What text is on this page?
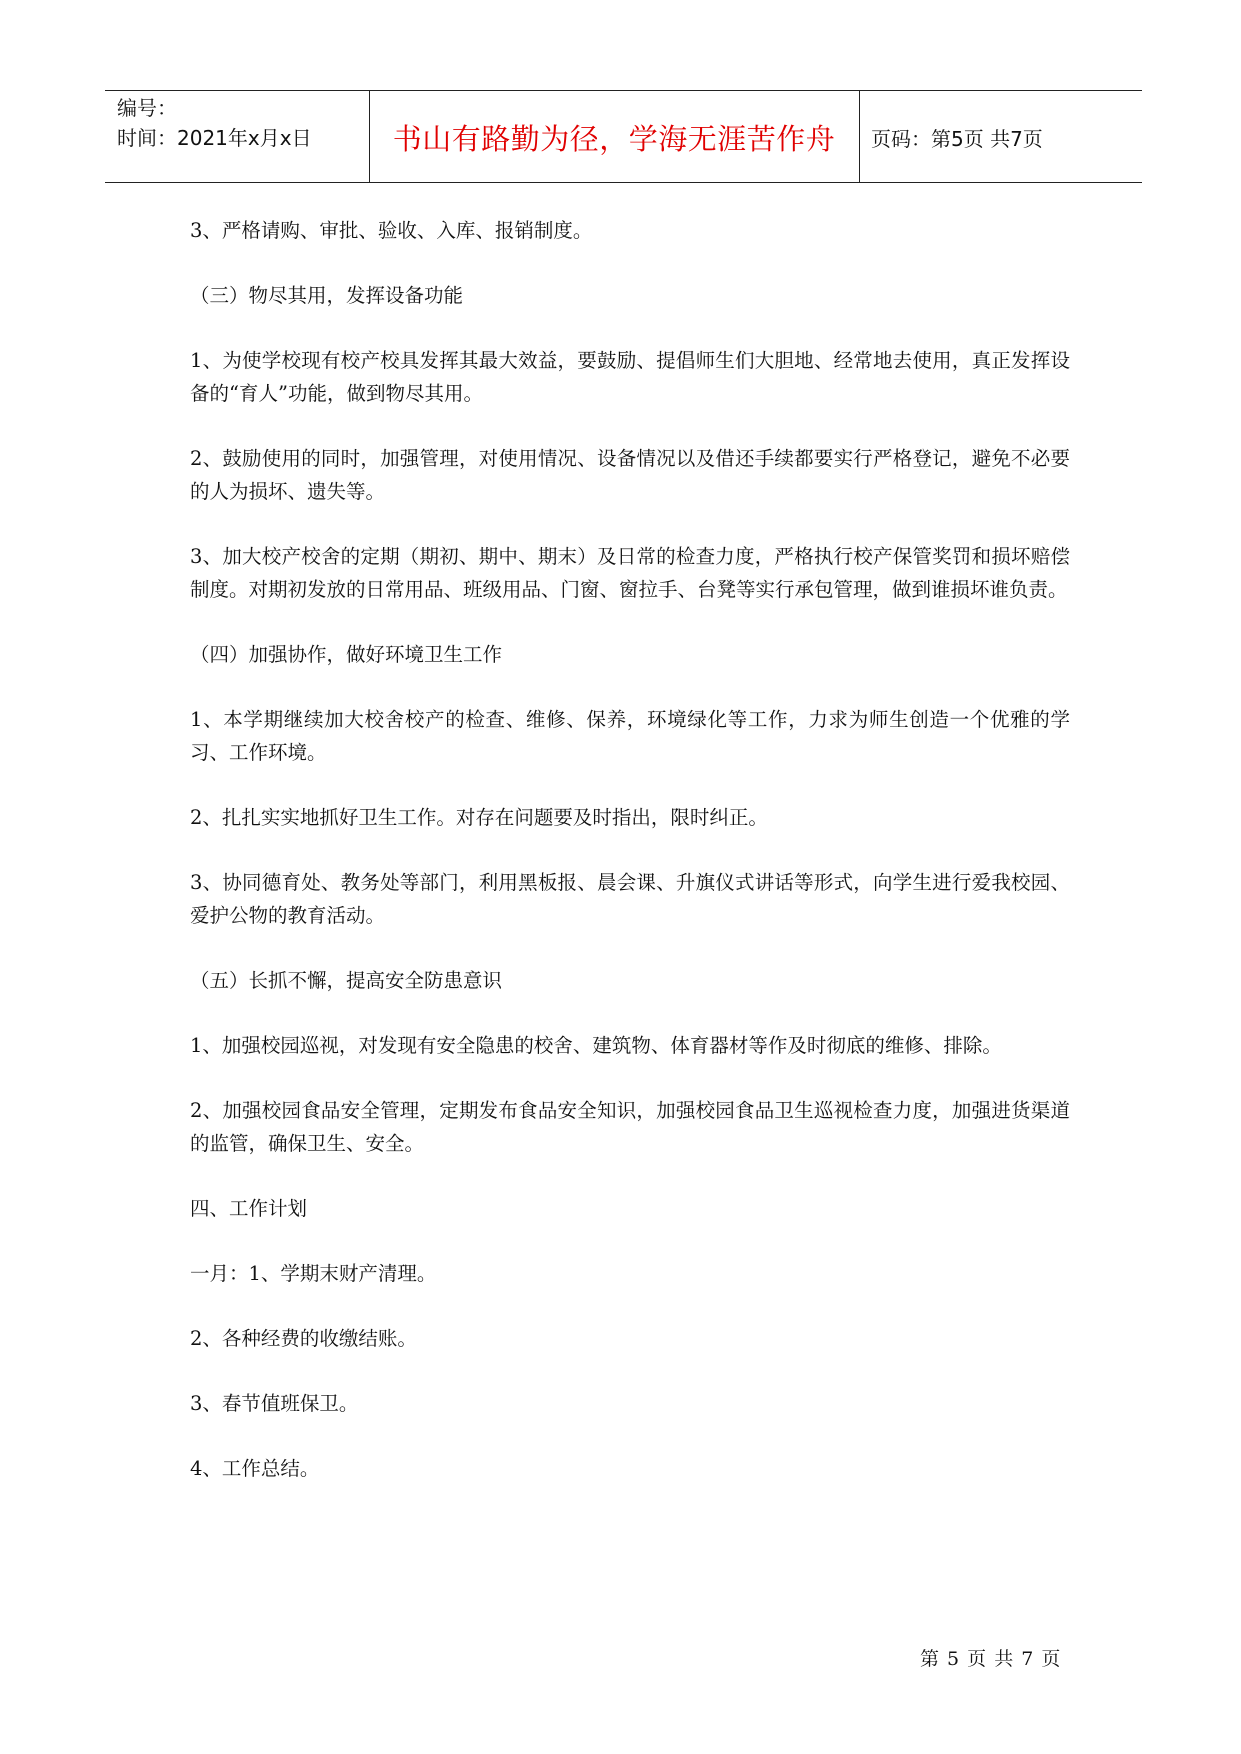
编号：
时间：2021年x月x日	书山有路勤为径，学海无涯苦作舟	页码：第5页 共7页

3、严格请购、审批、验收、入库、报销制度。

（三）物尽其用，发挥设备功能

1、为使学校现有校产校具发挥其最大效益，要鼓励、提倡师生们大胆地、经常地去使用，真正发挥设备的“育人”功能，做到物尽其用。

2、鼓励使用的同时，加强管理，对使用情况、设备情况以及借还手续都要实行严格登记，避免不必要的人为损坏、遗失等。

3、加大校产校舍的定期（期初、期中、期末）及日常的检查力度，严格执行校产保管奖罚和损坏赔偿制度。对期初发放的日常用品、班级用品、门窗、窗拉手、台凳等实行承包管理，做到谁损坏谁负责。

（四）加强协作，做好环境卫生工作

1、本学期继续加大校舍校产的检查、维修、保养，环境绿化等工作，力求为师生创造一个优雅的学习、工作环境。

2、扎扎实实地抓好卫生工作。对存在问题要及时指出，限时纠正。

3、协同德育处、教务处等部门，利用黑板报、晨会课、升旗仪式讲话等形式，向学生进行爱我校园、爱护公物的教育活动。

（五）长抓不懈，提高安全防患意识

1、加强校园巡视，对发现有安全隐患的校舍、建筑物、体育器材等作及时彻底的维修、排除。

2、加强校园食品安全管理，定期发布食品安全知识，加强校园食品卫生巡视检查力度，加强进货渠道的监管，确保卫生、安全。

四、工作计划

一月：1、学期末财产清理。

2、各种经费的收缴结账。

3、春节值班保卫。

4、工作总结。

第 5 页 共 7 页
